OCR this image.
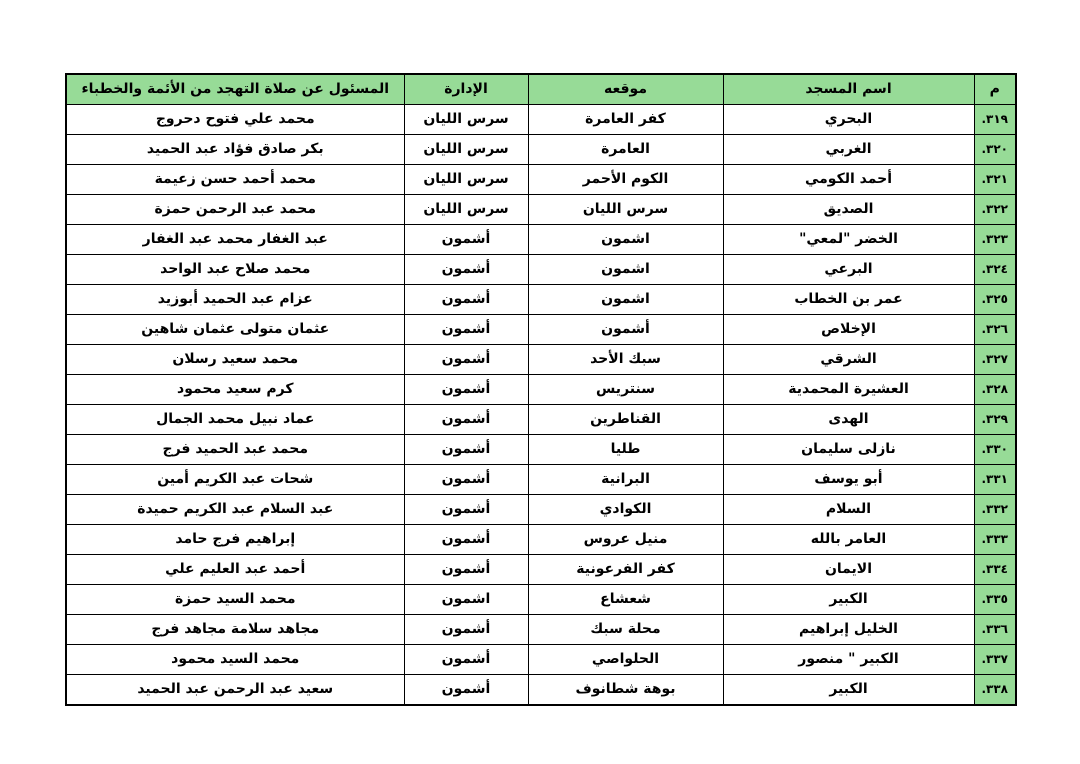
م	اسم المسجد	موقعه	الإدارة	المسئول عن صلاة التهجد من الأئمة والخطباء
٣١٩.	البحري	كفر العامرة	سرس الليان	محمد علي فتوح دحروج
٣٢٠.	الغربي	العامرة	سرس الليان	بكر صادق فؤاد عبد الحميد
٣٢١.	أحمد الكومي	الكوم الأحمر	سرس الليان	محمد أحمد حسن زعيمة
٣٢٢.	الصديق	سرس الليان	سرس الليان	محمد عبد الرحمن حمزة
٣٢٣.	الخضر "لمعي"	اشمون	أشمون	عبد الغفار محمد عبد الغفار
٣٢٤.	البرعي	اشمون	أشمون	محمد صلاح عبد الواحد
٣٢٥.	عمر بن الخطاب	اشمون	أشمون	عزام عبد الحميد أبوزيد
٣٢٦.	الإخلاص	أشمون	أشمون	عثمان متولى عثمان شاهين
٣٢٧.	الشرقي	سبك الأحد	أشمون	محمد سعيد رسلان
٣٢٨.	العشيرة المحمدية	سنتريس	أشمون	كرم سعيد محمود
٣٢٩.	الهدى	القناطرين	أشمون	عماد نبيل محمد الجمال
٣٣٠.	نازلى سليمان	طليا	أشمون	محمد عبد الحميد فرج
٣٣١.	أبو يوسف	البرانية	أشمون	شحات عبد الكريم أمين
٣٣٢.	السلام	الكوادي	أشمون	عبد السلام عبد الكريم حميدة
٣٣٣.	العامر بالله	منيل عروس	أشمون	إبراهيم فرج حامد
٣٣٤.	الايمان	كفر الفرعونية	أشمون	أحمد عبد العليم علي
٣٣٥.	الكبير	شعشاع	اشمون	محمد السيد حمزة
٣٣٦.	الخليل إبراهيم	محلة سبك	أشمون	مجاهد سلامة مجاهد فرج
٣٣٧.	الكبير " منصور	الحلواصي	أشمون	محمد السيد محمود
٣٣٨.	الكبير	بوهة شطانوف	أشمون	سعيد عبد الرحمن عبد الحميد
